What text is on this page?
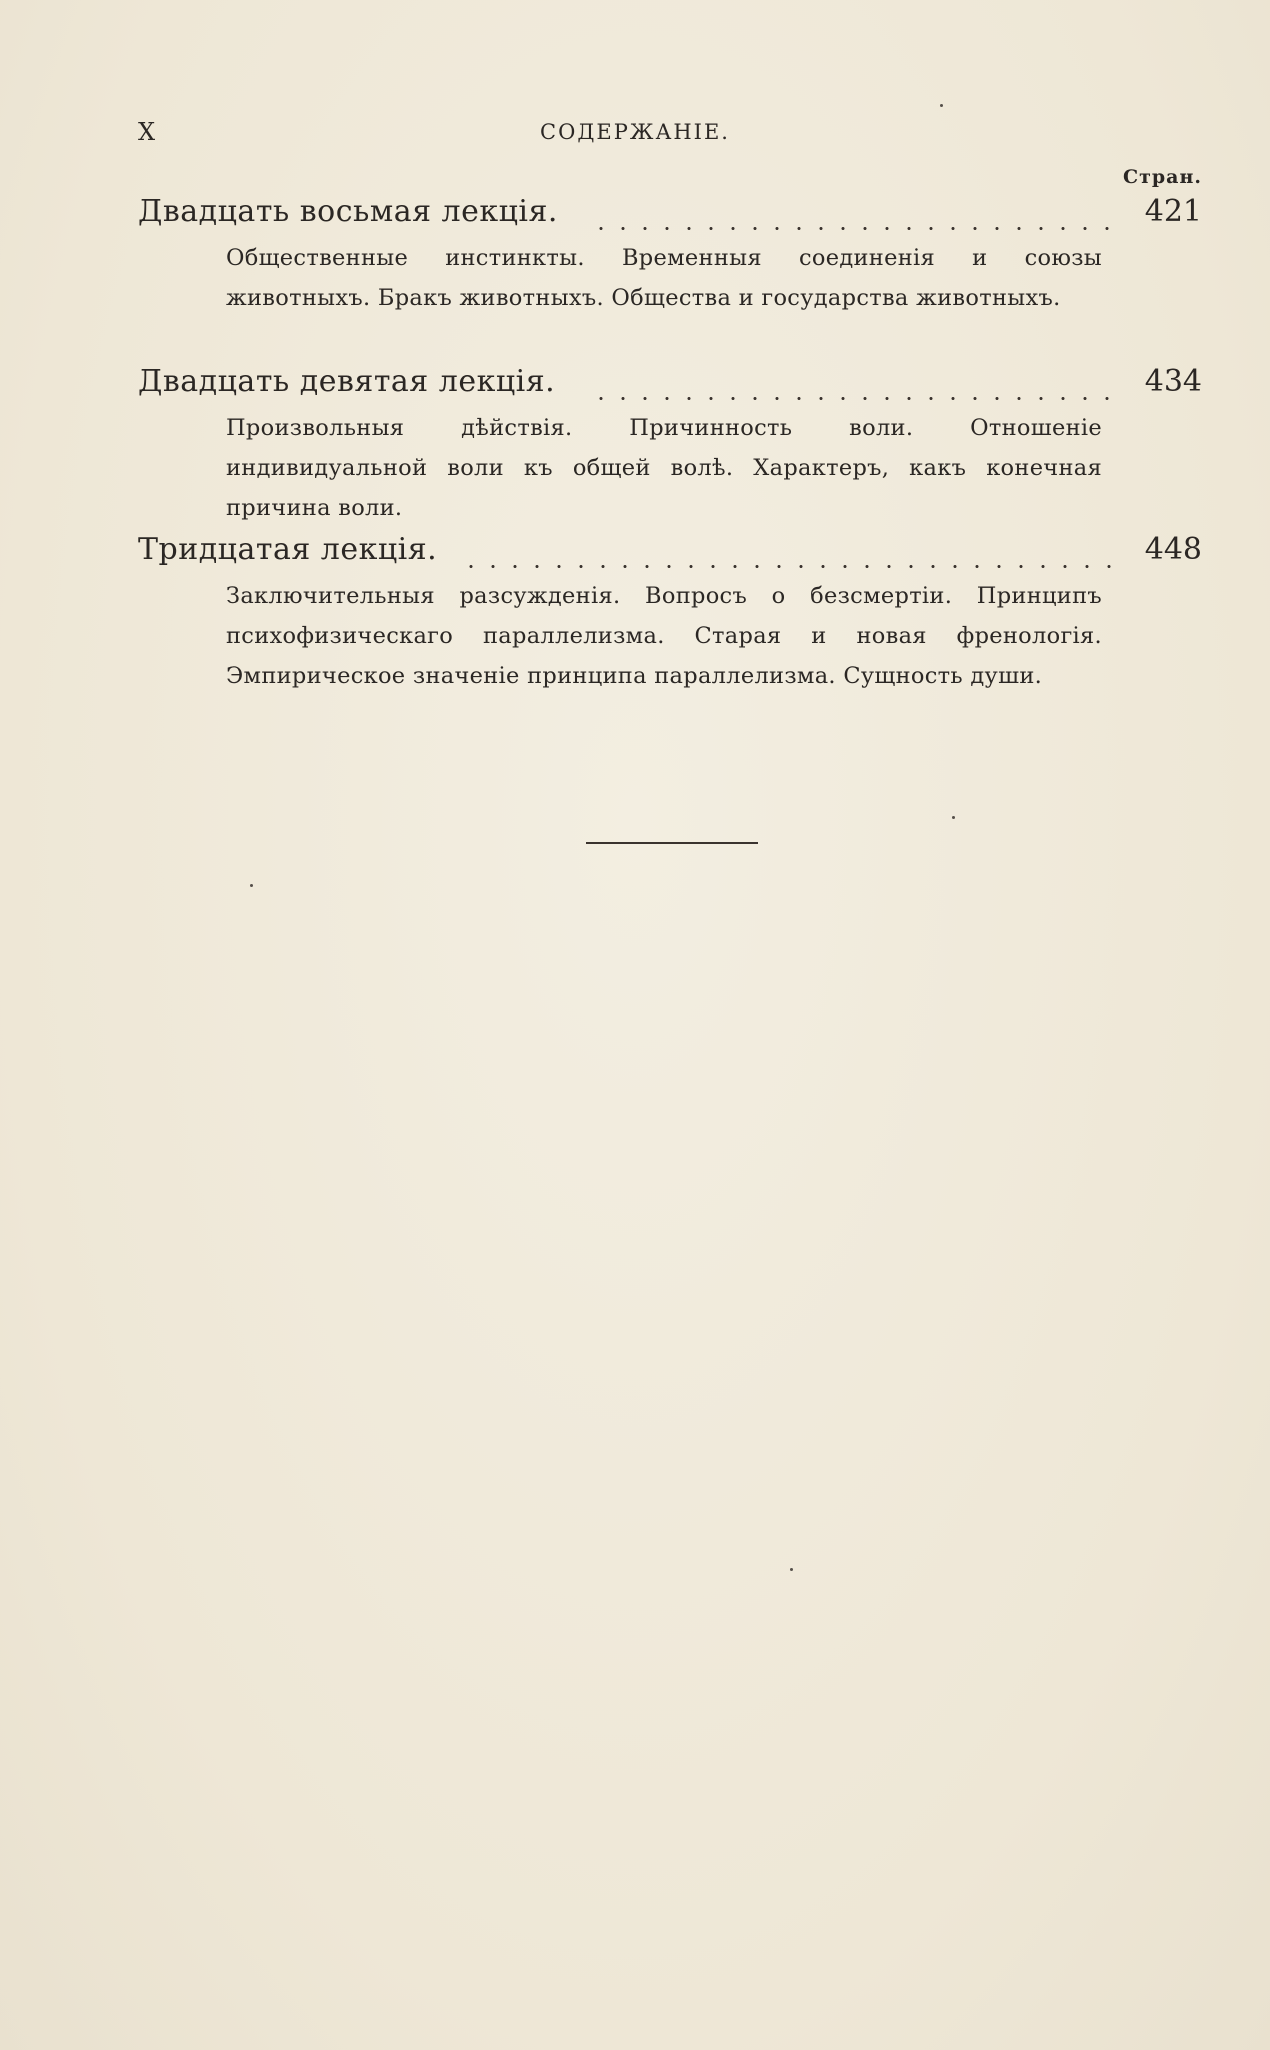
X	СОДЕРЖАНІЕ.
Стран.
Двадцать восьмая лекція.	421

Общественные инстинкты. Временныя соединенія и союзы животныхъ. Бракъ животныхъ. Общества и государства животныхъ.

Двадцать девятая лекція.	434

Произвольныя дѣйствія. Причинность воли. Отношеніе индивидуальной воли къ общей волѣ. Характеръ, какъ конечная причина воли.

Тридцатая лекція.	448

Заключительныя разсужденія. Вопросъ о безсмертіи. Принципъ психофизическаго параллелизма. Старая и новая френологія. Эмпирическое значеніе принципа параллелизма. Сущность души.
